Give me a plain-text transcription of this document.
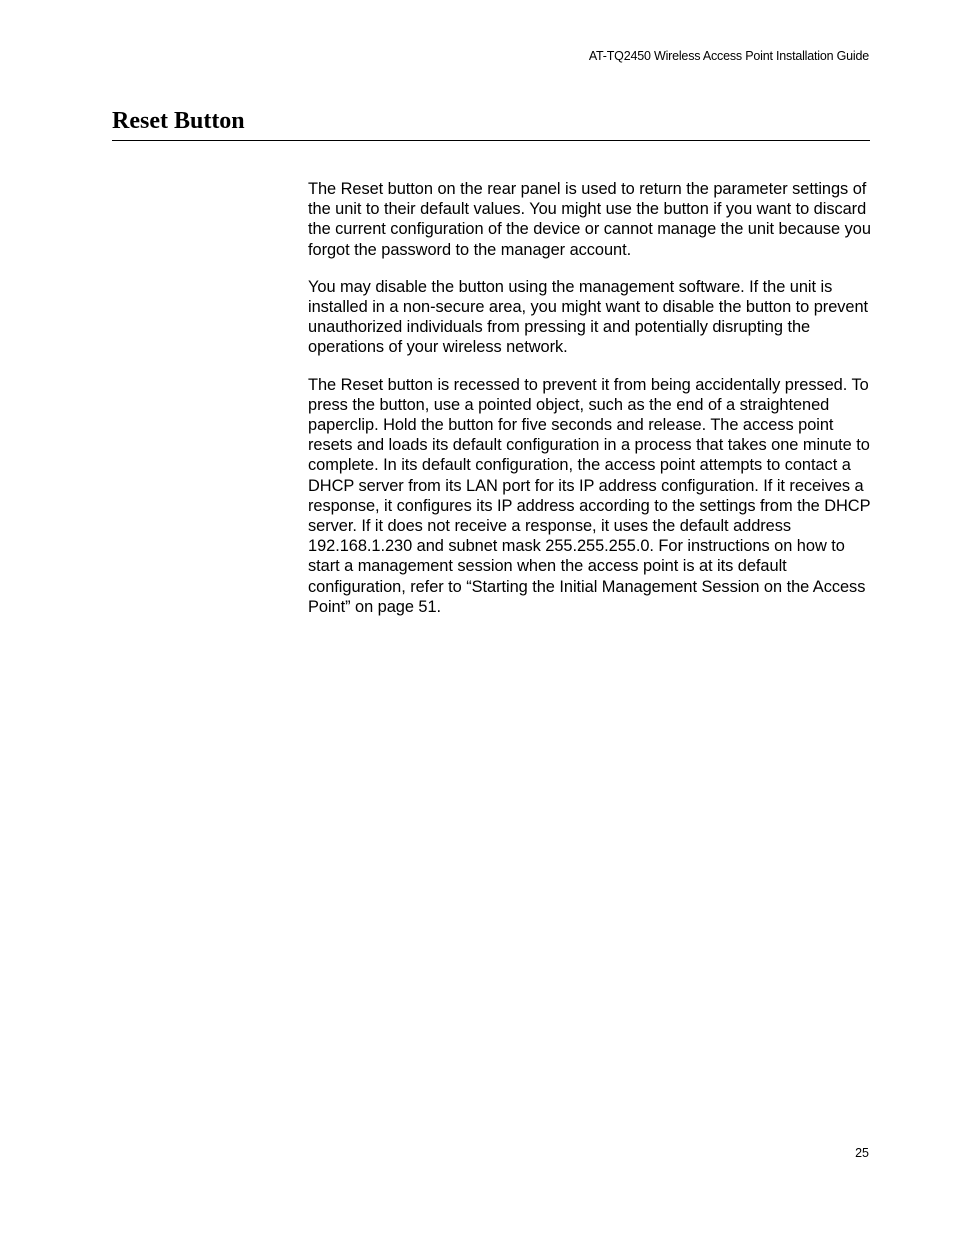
AT-TQ2450 Wireless Access Point Installation Guide
Reset Button

The Reset button on the rear panel is used to return the parameter settings of the unit to their default values. You might use the button if you want to discard the current configuration of the device or cannot manage the unit because you forgot the password to the manager account.

You may disable the button using the management software. If the unit is installed in a non-secure area, you might want to disable the button to prevent unauthorized individuals from pressing it and potentially disrupting the operations of your wireless network.

The Reset button is recessed to prevent it from being accidentally pressed. To press the button, use a pointed object, such as the end of a straightened paperclip. Hold the button for five seconds and release. The access point resets and loads its default configuration in a process that takes one minute to complete. In its default configuration, the access point attempts to contact a DHCP server from its LAN port for its IP address configuration. If it receives a response, it configures its IP address according to the settings from the DHCP server. If it does not receive a response, it uses the default address 192.168.1.230 and subnet mask 255.255.255.0. For instructions on how to start a management session when the access point is at its default configuration, refer to “Starting the Initial Management Session on the Access Point” on page 51.

25
